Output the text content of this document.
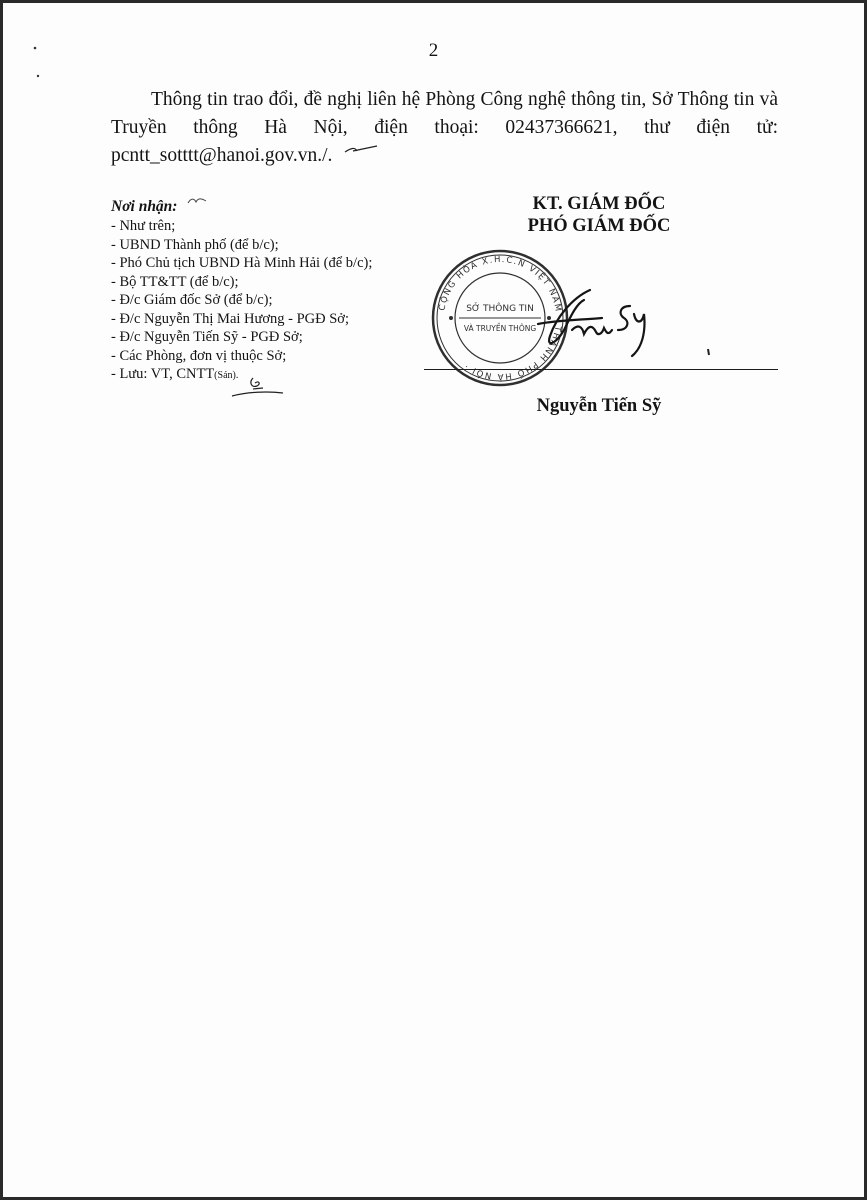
2

Thông tin trao đổi, đề nghị liên hệ Phòng Công nghệ thông tin, Sở Thông tin và Truyền thông Hà Nội, điện thoại: 02437366621, thư điện tử: pcntt_sotttt@hanoi.gov.vn./.

Nơi nhận:
- Như trên;
- UBND Thành phố (để b/c);
- Phó Chủ tịch UBND Hà Minh Hải (để b/c);
- Bộ TT&TT (để b/c);
- Đ/c Giám đốc Sở (để b/c);
- Đ/c Nguyễn Thị Mai Hương - PGĐ Sở;
- Đ/c Nguyễn Tiến Sỹ - PGĐ Sở;
- Các Phòng, đơn vị thuộc Sở;
- Lưu: VT, CNTT(Sán).
KT. GIÁM ĐỐC
PHÓ GIÁM ĐỐC
CỘNG HÒA X.H.C.N VIỆT NAM · THÀNH PHỐ HÀ NỘI ·
SỞ THÔNG TIN
VÀ TRUYỀN THÔNG
Nguyễn Tiến Sỹ
